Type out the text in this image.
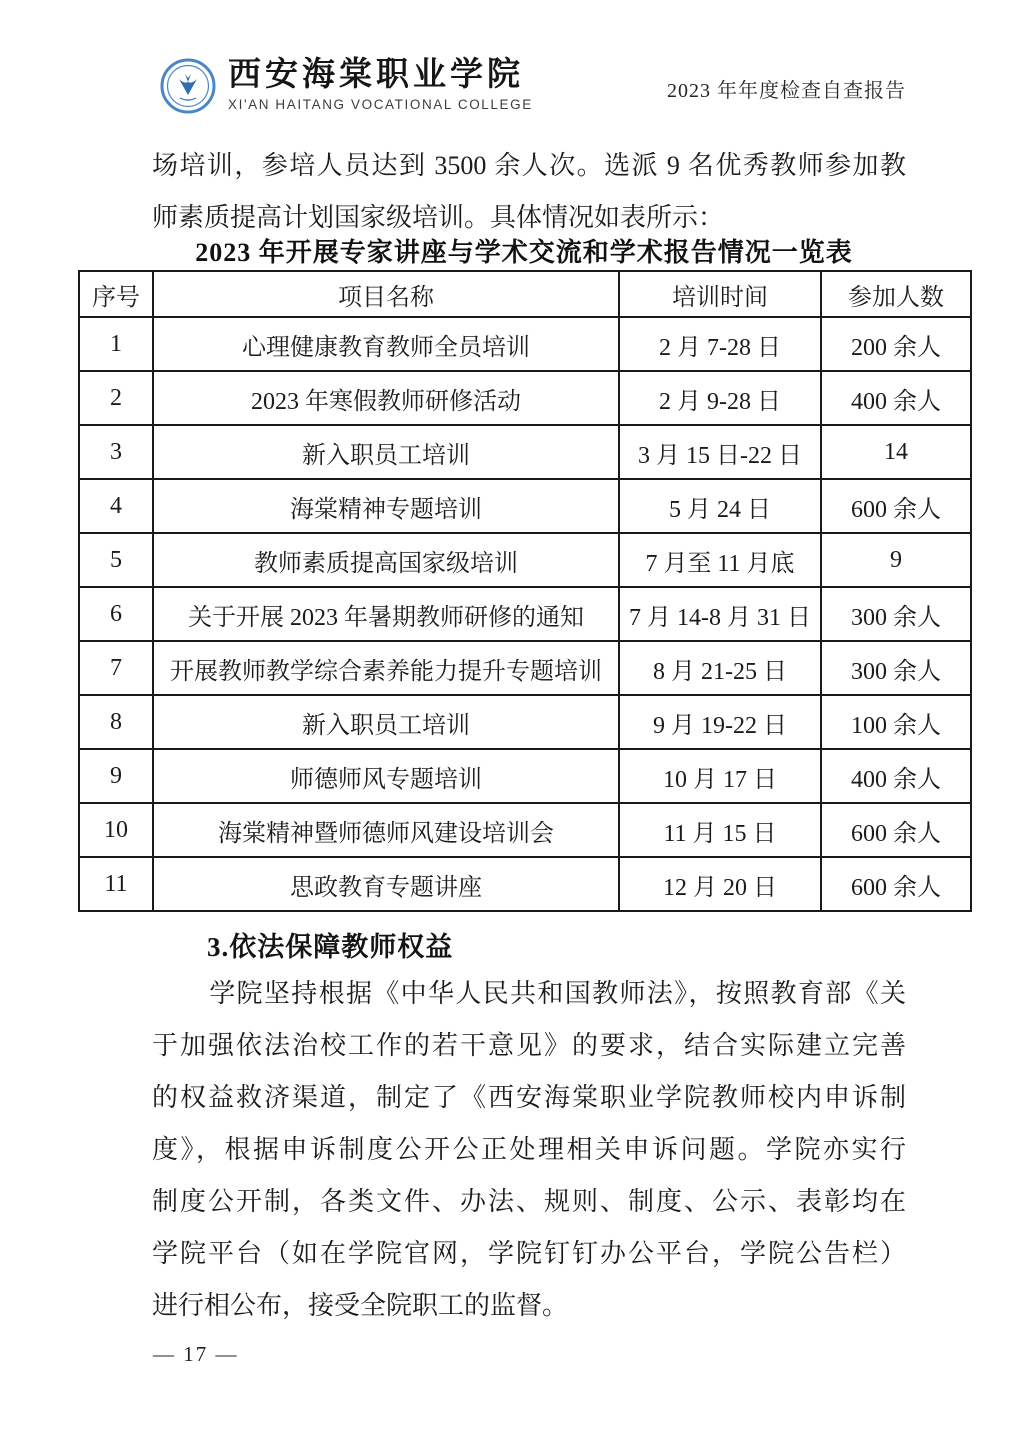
西安海棠职业学院
XI'AN HAITANG VOCATIONAL COLLEGE
2023 年年度检查自查报告
场培训，参培人员达到 3500 余人次。选派 9 名优秀教师参加教
师素质提高计划国家级培训。具体情况如表所示：
2023 年开展专家讲座与学术交流和学术报告情况一览表
序号	项目名称	培训时间	参加人数
1	心理健康教育教师全员培训	2 月 7-28 日	200 余人
2	2023 年寒假教师研修活动	2 月 9-28 日	400 余人
3	新入职员工培训	3 月 15 日-22 日	14
4	海棠精神专题培训	5 月 24 日	600 余人
5	教师素质提高国家级培训	7 月至 11 月底	9
6	关于开展 2023 年暑期教师研修的通知	7 月 14-8 月 31 日	300 余人
7	开展教师教学综合素养能力提升专题培训	8 月 21-25 日	300 余人
8	新入职员工培训	9 月 19-22 日	100 余人
9	师德师风专题培训	10 月 17 日	400 余人
10	海棠精神暨师德师风建设培训会	11 月 15 日	600 余人
11	思政教育专题讲座	12 月 20 日	600 余人
3.依法保障教师权益
学院坚持根据《中华人民共和国教师法》，按照教育部《关
于加强依法治校工作的若干意见》的要求，结合实际建立完善
的权益救济渠道，制定了《西安海棠职业学院教师校内申诉制
度》，根据申诉制度公开公正处理相关申诉问题。学院亦实行
制度公开制，各类文件、办法、规则、制度、公示、表彰均在
学院平台（如在学院官网，学院钉钉办公平台，学院公告栏）
进行相公布，接受全院职工的监督。
— 17 —
